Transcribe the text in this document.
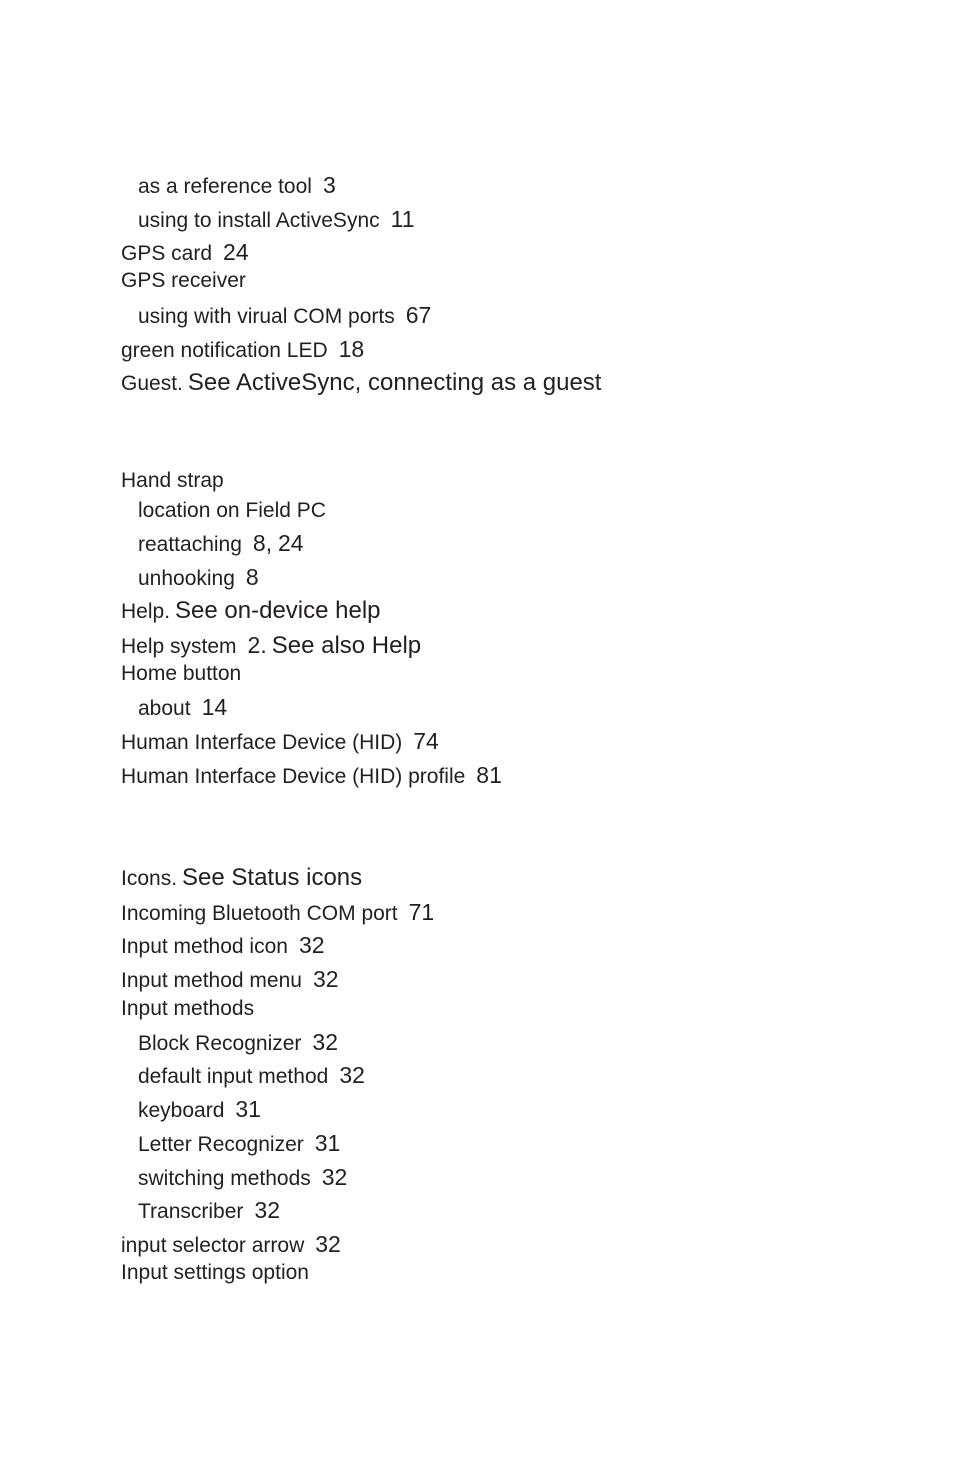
as a reference tool 3
using to install ActiveSync 11
GPS card 24
GPS receiver
using with virual COM ports 67
green notification LED 18
Guest. See ActiveSync, connecting as a guest
Hand strap
location on Field PC
reattaching 8, 24
unhooking 8
Help. See on-device help
Help system 2. See also Help
Home button
about 14
Human Interface Device (HID) 74
Human Interface Device (HID) profile 81
Icons. See Status icons
Incoming Bluetooth COM port 71
Input method icon 32
Input method menu 32
Input methods
Block Recognizer 32
default input method 32
keyboard 31
Letter Recognizer 31
switching methods 32
Transcriber 32
input selector arrow 32
Input settings option
